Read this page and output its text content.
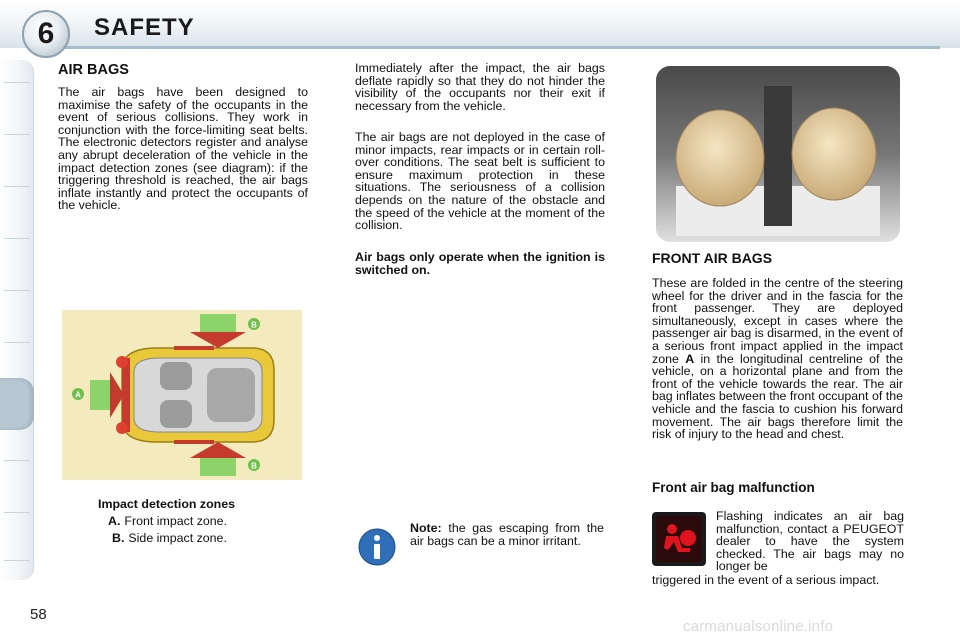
6 SAFETY
AIR BAGS
The air bags have been designed to maximise the safety of the occupants in the event of serious collisions. They work in conjunction with the force-limiting seat belts. The electronic detectors register and analyse any abrupt deceleration of the vehicle in the impact detection zones (see diagram): if the triggering threshold is reached, the air bags inflate instantly and protect the occupants of the vehicle.
A
B
B
Impact detection zones
A. Front impact zone.
B. Side impact zone.
Immediately after the impact, the air bags deflate rapidly so that they do not hinder the visibility of the occupants nor their exit if necessary from the vehicle.
The air bags are not deployed in the case of minor impacts, rear impacts or in certain roll-over conditions. The seat belt is sufficient to ensure maximum protection in these situations. The seriousness of a collision depends on the nature of the obstacle and the speed of the vehicle at the moment of the collision.
Air bags only operate when the ignition is switched on.
Note: the gas escaping from the air bags can be a minor irritant.
FRONT AIR BAGS
These are folded in the centre of the steering wheel for the driver and in the fascia for the front passenger. They are deployed simultaneously, except in cases where the passenger air bag is disarmed, in the event of a serious front impact applied in the impact zone A in the longitudinal centreline of the vehicle, on a horizontal plane and from the front of the vehicle towards the rear. The air bag inflates between the front occupant of the vehicle and the fascia to cushion his forward movement. The air bags therefore limit the risk of injury to the head and chest.
Front air bag malfunction
Flashing indicates an air bag malfunction, contact a PEUGEOT dealer to have the system checked. The air bags may no longer be
triggered in the event of a serious impact.
58
carmanualsonline.info
